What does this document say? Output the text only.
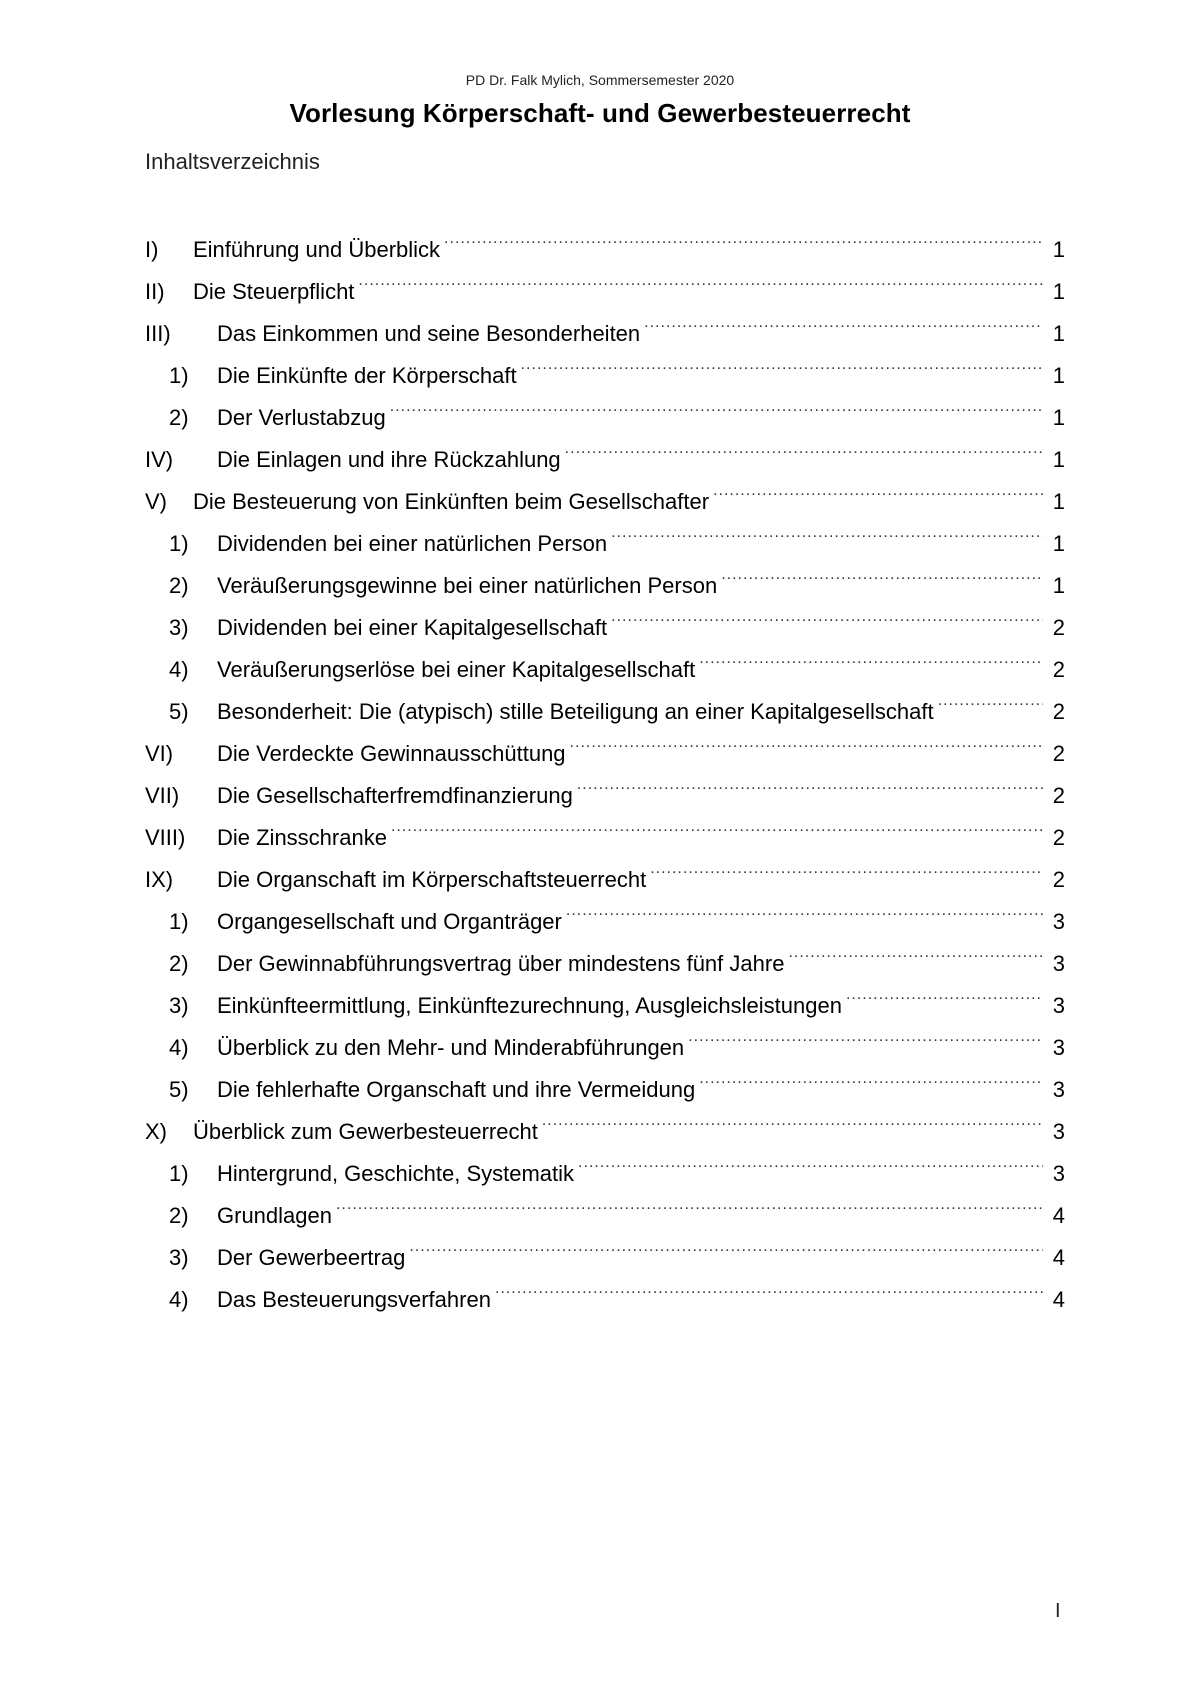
PD Dr. Falk Mylich, Sommersemester 2020
Vorlesung Körperschaft- und Gewerbesteuerrecht
Inhaltsverzeichnis
I)	Einführung und Überblick .....	1
II)	Die Steuerpflicht .....	1
III)	Das Einkommen und seine Besonderheiten .....	1
1)	Die Einkünfte der Körperschaft .....	1
2)	Der Verlustabzug .....	1
IV)	Die Einlagen und ihre Rückzahlung .....	1
V)	Die Besteuerung von Einkünften beim Gesellschafter .....	1
1)	Dividenden bei einer natürlichen Person .....	1
2)	Veräußerungsgewinne bei einer natürlichen Person .....	1
3)	Dividenden bei einer Kapitalgesellschaft .....	2
4)	Veräußerungserlöse bei einer Kapitalgesellschaft .....	2
5)	Besonderheit: Die (atypisch) stille Beteiligung an einer Kapitalgesellschaft .....	2
VI)	Die Verdeckte Gewinnausschüttung .....	2
VII)	Die Gesellschafterfremdfinanzierung .....	2
VIII)	Die Zinsschranke .....	2
IX)	Die Organschaft im Körperschaftsteuerrecht .....	2
1)	Organgesellschaft und Organträger .....	3
2)	Der Gewinnabführungsvertrag über mindestens fünf Jahre .....	3
3)	Einkünfteermittlung, Einkünftezurechnung, Ausgleichsleistungen .....	3
4)	Überblick zu den Mehr- und Minderabführungen .....	3
5)	Die fehlerhafte Organschaft und ihre Vermeidung .....	3
X)	Überblick zum Gewerbesteuerrecht .....	3
1)	Hintergrund, Geschichte, Systematik .....	3
2)	Grundlagen .....	4
3)	Der Gewerbeertrag .....	4
4)	Das Besteuerungsverfahren .....	4
I
